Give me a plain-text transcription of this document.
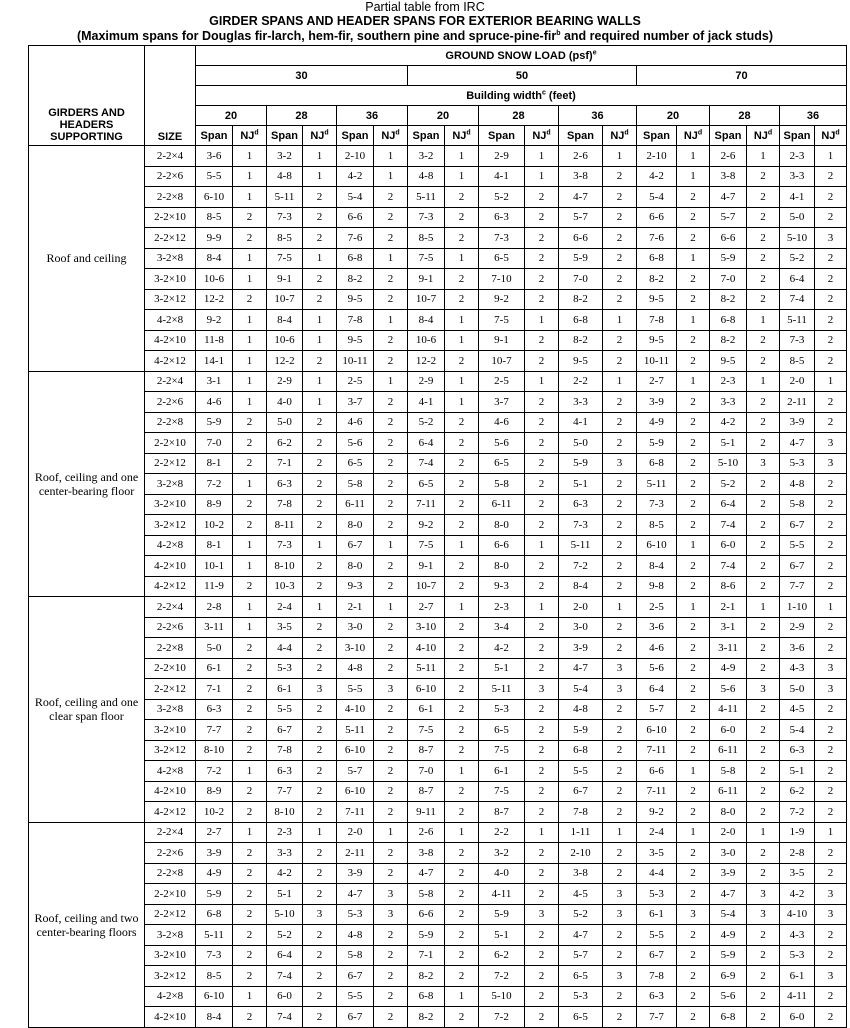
Partial table from IRC
GIRDER SPANS AND HEADER SPANS FOR EXTERIOR BEARING WALLS
(Maximum spans for Douglas fir-larch, hem-fir, southern pine and spruce-pine-fir$^b$ and required number of jack studs)
GIRDERS AND HEADERS SUPPORTING	SIZE	GROUND SNOW LOAD (psf)$^e$
		30						50						70					
		Building width$^c$ (feet)																	
		20		28		36		20		28		36		20		28		36	
		Span	$NJ^d$	Span	$NJ^d$	Span	$NJ^d$	Span	$NJ^d$	Span	$NJ^d$	Span	$NJ^d$	Span	$NJ^d$	Span	$NJ^d$	Span	$NJ^d$
Roof and ceiling	2-2×4	3-6	1	3-2	1	2-10	1	3-2	1	2-9	1	2-6	1	2-10	1	2-6	1	2-3	1
	2-2×6	5-5	1	4-8	1	4-2	1	4-8	1	4-1	1	3-8	2	4-2	1	3-8	2	3-3	2
	2-2×8	6-10	1	5-11	2	5-4	2	5-11	2	5-2	2	4-7	2	5-4	2	4-7	2	4-1	2
	2-2×10	8-5	2	7-3	2	6-6	2	7-3	2	6-3	2	5-7	2	6-6	2	5-7	2	5-0	2
	2-2×12	9-9	2	8-5	2	7-6	2	8-5	2	7-3	2	6-6	2	7-6	2	6-6	2	5-10	3
	3-2×8	8-4	1	7-5	1	6-8	1	7-5	1	6-5	2	5-9	2	6-8	1	5-9	2	5-2	2
	3-2×10	10-6	1	9-1	2	8-2	2	9-1	2	7-10	2	7-0	2	8-2	2	7-0	2	6-4	2
	3-2×12	12-2	2	10-7	2	9-5	2	10-7	2	9-2	2	8-2	2	9-5	2	8-2	2	7-4	2
	4-2×8	9-2	1	8-4	1	7-8	1	8-4	1	7-5	1	6-8	1	7-8	1	6-8	1	5-11	2
	4-2×10	11-8	1	10-6	1	9-5	2	10-6	1	9-1	2	8-2	2	9-5	2	8-2	2	7-3	2
	4-2×12	14-1	1	12-2	2	10-11	2	12-2	2	10-7	2	9-5	2	10-11	2	9-5	2	8-5	2
Roof, ceiling and one center-bearing floor	2-2×4	3-1	1	2-9	1	2-5	1	2-9	1	2-5	1	2-2	1	2-7	1	2-3	1	2-0	1
	2-2×6	4-6	1	4-0	1	3-7	2	4-1	1	3-7	2	3-3	2	3-9	2	3-3	2	2-11	2
	2-2×8	5-9	2	5-0	2	4-6	2	5-2	2	4-6	2	4-1	2	4-9	2	4-2	2	3-9	2
	2-2×10	7-0	2	6-2	2	5-6	2	6-4	2	5-6	2	5-0	2	5-9	2	5-1	2	4-7	3
	2-2×12	8-1	2	7-1	2	6-5	2	7-4	2	6-5	2	5-9	3	6-8	2	5-10	3	5-3	3
	3-2×8	7-2	1	6-3	2	5-8	2	6-5	2	5-8	2	5-1	2	5-11	2	5-2	2	4-8	2
	3-2×10	8-9	2	7-8	2	6-11	2	7-11	2	6-11	2	6-3	2	7-3	2	6-4	2	5-8	2
	3-2×12	10-2	2	8-11	2	8-0	2	9-2	2	8-0	2	7-3	2	8-5	2	7-4	2	6-7	2
	4-2×8	8-1	1	7-3	1	6-7	1	7-5	1	6-6	1	5-11	2	6-10	1	6-0	2	5-5	2
	4-2×10	10-1	1	8-10	2	8-0	2	9-1	2	8-0	2	7-2	2	8-4	2	7-4	2	6-7	2
	4-2×12	11-9	2	10-3	2	9-3	2	10-7	2	9-3	2	8-4	2	9-8	2	8-6	2	7-7	2
Roof, ceiling and one clear span floor	2-2×4	2-8	1	2-4	1	2-1	1	2-7	1	2-3	1	2-0	1	2-5	1	2-1	1	1-10	1
	2-2×6	3-11	1	3-5	2	3-0	2	3-10	2	3-4	2	3-0	2	3-6	2	3-1	2	2-9	2
	2-2×8	5-0	2	4-4	2	3-10	2	4-10	2	4-2	2	3-9	2	4-6	2	3-11	2	3-6	2
	2-2×10	6-1	2	5-3	2	4-8	2	5-11	2	5-1	2	4-7	3	5-6	2	4-9	2	4-3	3
	2-2×12	7-1	2	6-1	3	5-5	3	6-10	2	5-11	3	5-4	3	6-4	2	5-6	3	5-0	3
	3-2×8	6-3	2	5-5	2	4-10	2	6-1	2	5-3	2	4-8	2	5-7	2	4-11	2	4-5	2
	3-2×10	7-7	2	6-7	2	5-11	2	7-5	2	6-5	2	5-9	2	6-10	2	6-0	2	5-4	2
	3-2×12	8-10	2	7-8	2	6-10	2	8-7	2	7-5	2	6-8	2	7-11	2	6-11	2	6-3	2
	4-2×8	7-2	1	6-3	2	5-7	2	7-0	1	6-1	2	5-5	2	6-6	1	5-8	2	5-1	2
	4-2×10	8-9	2	7-7	2	6-10	2	8-7	2	7-5	2	6-7	2	7-11	2	6-11	2	6-2	2
	4-2×12	10-2	2	8-10	2	7-11	2	9-11	2	8-7	2	7-8	2	9-2	2	8-0	2	7-2	2
Roof, ceiling and two center-bearing floors	2-2×4	2-7	1	2-3	1	2-0	1	2-6	1	2-2	1	1-11	1	2-4	1	2-0	1	1-9	1
	2-2×6	3-9	2	3-3	2	2-11	2	3-8	2	3-2	2	2-10	2	3-5	2	3-0	2	2-8	2
	2-2×8	4-9	2	4-2	2	3-9	2	4-7	2	4-0	2	3-8	2	4-4	2	3-9	2	3-5	2
	2-2×10	5-9	2	5-1	2	4-7	3	5-8	2	4-11	2	4-5	3	5-3	2	4-7	3	4-2	3
	2-2×12	6-8	2	5-10	3	5-3	3	6-6	2	5-9	3	5-2	3	6-1	3	5-4	3	4-10	3
	3-2×8	5-11	2	5-2	2	4-8	2	5-9	2	5-1	2	4-7	2	5-5	2	4-9	2	4-3	2
	3-2×10	7-3	2	6-4	2	5-8	2	7-1	2	6-2	2	5-7	2	6-7	2	5-9	2	5-3	2
	3-2×12	8-5	2	7-4	2	6-7	2	8-2	2	7-2	2	6-5	3	7-8	2	6-9	2	6-1	3
	4-2×8	6-10	1	6-0	2	5-5	2	6-8	1	5-10	2	5-3	2	6-3	2	5-6	2	4-11	2
	4-2×10	8-4	2	7-4	2	6-7	2	8-2	2	7-2	2	6-5	2	7-7	2	6-8	2	6-0	2
